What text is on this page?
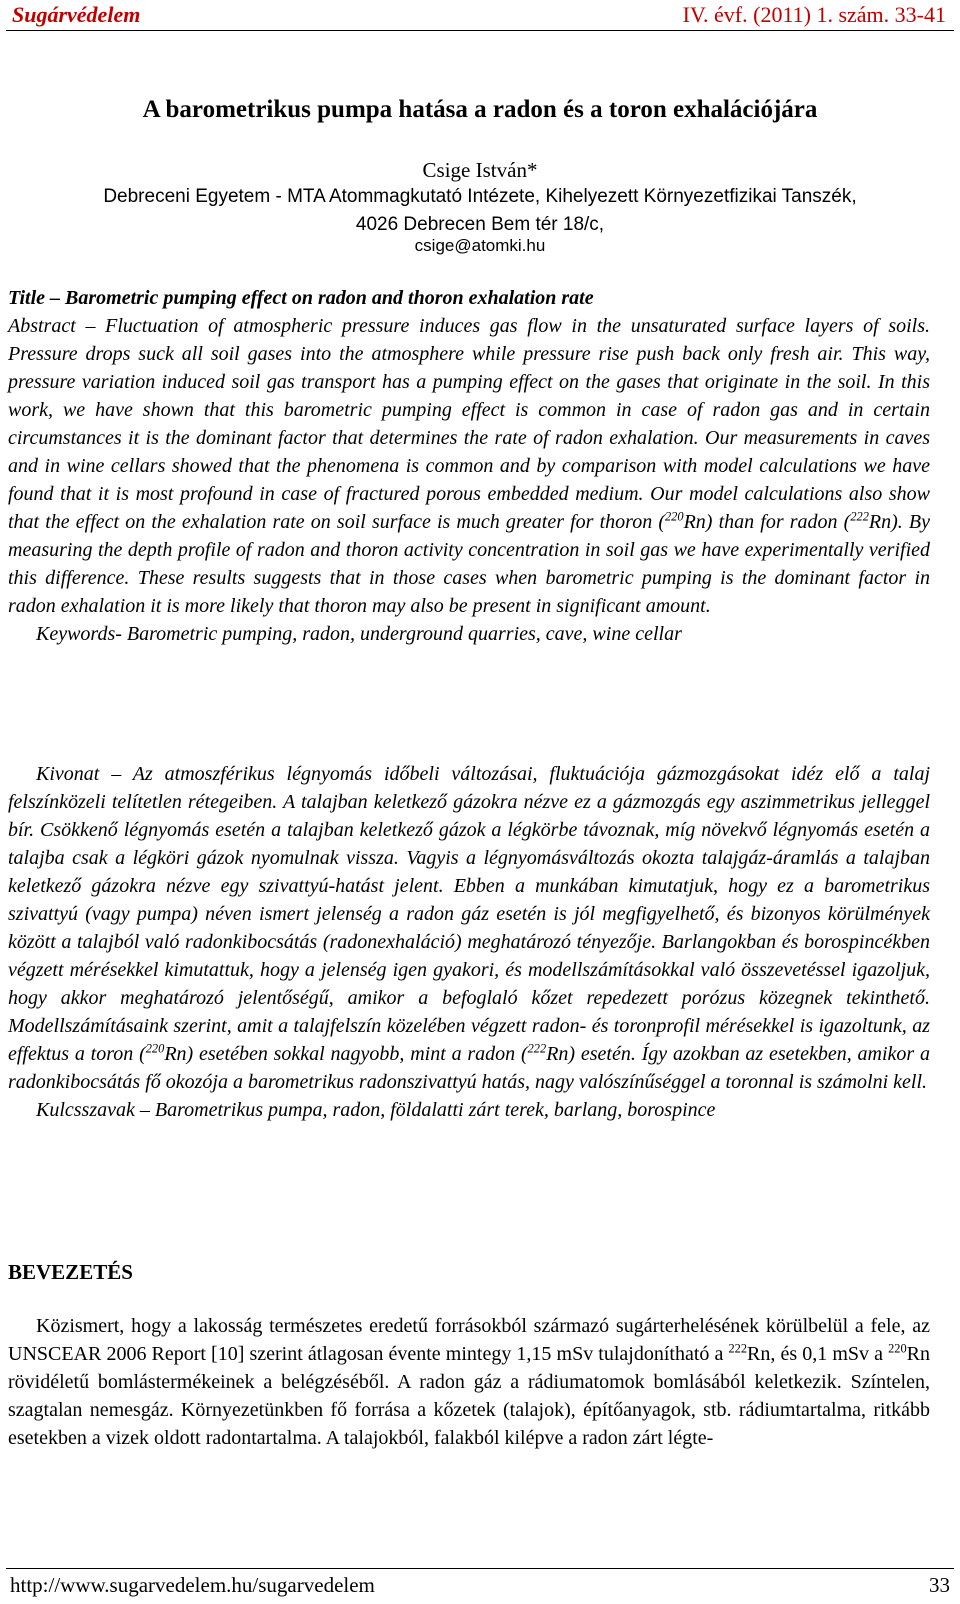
Sugárvédelem	IV. évf. (2011) 1. szám. 33-41
A barometrikus pumpa hatása a radon és a toron exhalációjára
Csige István*
Debreceni Egyetem - MTA Atommagkutató Intézete, Kihelyezett Környezetfizikai Tanszék,
4026 Debrecen Bem tér 18/c,
csige@atomki.hu
Title – Barometric pumping effect on radon and thoron exhalation rate
Abstract – Fluctuation of atmospheric pressure induces gas flow in the unsaturated surface layers of soils. Pressure drops suck all soil gases into the atmosphere while pressure rise push back only fresh air. This way, pressure variation induced soil gas transport has a pumping effect on the gases that originate in the soil. In this work, we have shown that this barometric pumping effect is common in case of radon gas and in certain circumstances it is the dominant factor that determines the rate of radon exhalation. Our measurements in caves and in wine cellars showed that the phenomena is common and by comparison with model calculations we have found that it is most profound in case of fractured porous embedded medium. Our model calculations also show that the effect on the exhalation rate on soil surface is much greater for thoron ($^{220}$Rn) than for radon ($^{222}$Rn). By measuring the depth profile of radon and thoron activity concentration in soil gas we have experimentally verified this difference. These results suggests that in those cases when barometric pumping is the dominant factor in radon exhalation it is more likely that thoron may also be present in significant amount.
Keywords- Barometric pumping, radon, underground quarries, cave, wine cellar
Kivonat – Az atmoszférikus légnyomás időbeli változásai, fluktuációja gázmozgásokat idéz elő a talaj felszínközeli telítetlen rétegeiben. A talajban keletkező gázokra nézve ez a gázmozgás egy aszimmetrikus jelleggel bír. Csökkenő légnyomás esetén a talajban keletkező gázok a légkörbe távoznak, míg növekvő légnyomás esetén a talajba csak a légköri gázok nyomulnak vissza. Vagyis a légnyomásváltozás okozta talajgáz-áramlás a talajban keletkező gázokra nézve egy szivattyú-hatást jelent. Ebben a munkában kimutatjuk, hogy ez a barometrikus szivattyú (vagy pumpa) néven ismert jelenség a radon gáz esetén is jól megfigyelhető, és bizonyos körülmények között a talajból való radonkibocsátás (radonexhaláció) meghatározó tényezője. Barlangokban és borospincékben végzett mérésekkel kimutattuk, hogy a jelenség igen gyakori, és modellszámításokkal való összevetéssel igazoljuk, hogy akkor meghatározó jelentőségű, amikor a befoglaló kőzet repedezett porózus közegnek tekinthető. Modellszámításaink szerint, amit a talajfelszín közelében végzett radon- és toronprofil mérésekkel is igazoltunk, az effektus a toron ($^{220}$Rn) esetében sokkal nagyobb, mint a radon ($^{222}$Rn) esetén. Így azokban az esetekben, amikor a radonkibocsátás fő okozója a barometrikus radonszivattyú hatás, nagy valószínűséggel a toronnal is számolni kell.
Kulcsszavak – Barometrikus pumpa, radon, földalatti zárt terek, barlang, borospince
BEVEZETÉS
Közismert, hogy a lakosság természetes eredetű forrásokból származó sugárterhelésének körülbelül a fele, az UNSCEAR 2006 Report [10] szerint átlagosan évente mintegy 1,15 mSv tulajdonítható a $^{222}$Rn, és 0,1 mSv a $^{220}$Rn rövidéletű bomlástermékeinek a belégzéséből. A radon gáz a rádiumatomok bomlásából keletkezik. Színtelen, szagtalan nemesgáz. Környezetünkben fő forrása a kőzetek (talajok), építőanyagok, stb. rádiumtartalma, ritkább esetekben a vizek oldott radontartalma. A talajokból, falakból kilépve a radon zárt légte-
http://www.sugarvedelem.hu/sugarvedelem	33
